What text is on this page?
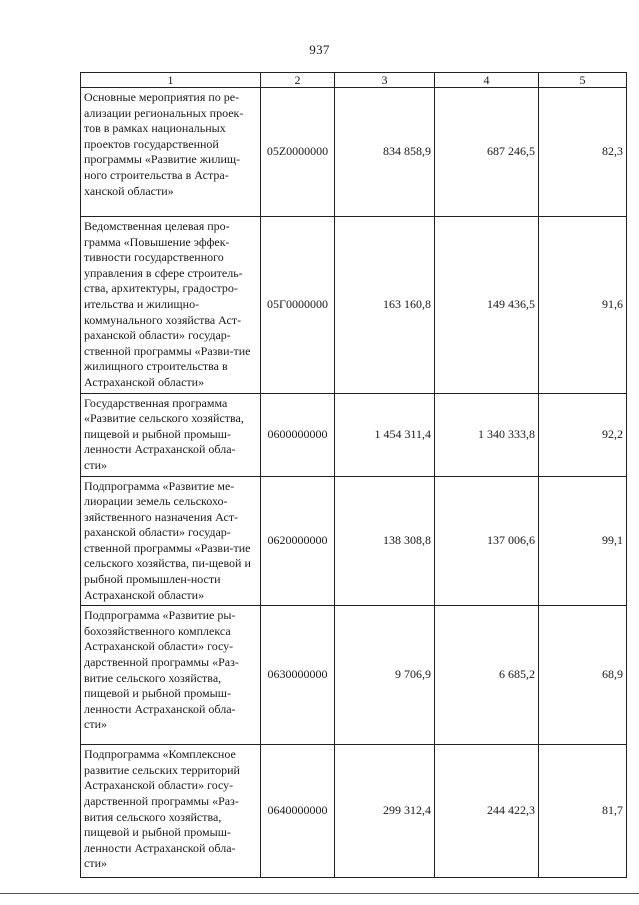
937
1	2	3	4	5
Основные мероприятия по ре-ализации региональных проек-тов в рамках национальных проектов государственной программы «Развитие жилищ-ного строительства в Астра-ханской области»	05Z0000000	834 858,9	687 246,5	82,3
Ведомственная целевая про-грамма «Повышение эффек-тивности государственного управления в сфере строитель-ства, архитектуры, градостро-ительства и жилищно-коммунального хозяйства Аст-раханской области» государ-ственной программы «Разви-тие жилищного строительства в Астраханской области»	05Г0000000	163 160,8	149 436,5	91,6
Государственная программа «Развитие сельского хозяйства, пищевой и рыбной промыш-ленности Астраханской обла-сти»	0600000000	1 454 311,4	1 340 333,8	92,2
Подпрограмма «Развитие ме-лиорации земель сельскохо-зяйственного назначения Аст-раханской области» государ-ственной программы «Разви-тие сельского хозяйства, пи-щевой и рыбной промышлен-ности Астраханской области»	0620000000	138 308,8	137 006,6	99,1
Подпрограмма «Развитие ры-бохозяйственного комплекса Астраханской области» госу-дарственной программы «Раз-витие сельского хозяйства, пищевой и рыбной промыш-ленности Астраханской обла-сти»	0630000000	9 706,9	6 685,2	68,9
Подпрограмма «Комплексное развитие сельских территорий Астраханской области» госу-дарственной программы «Раз-вития сельского хозяйства, пищевой и рыбной промыш-ленности Астраханской обла-сти»	0640000000	299 312,4	244 422,3	81,7
